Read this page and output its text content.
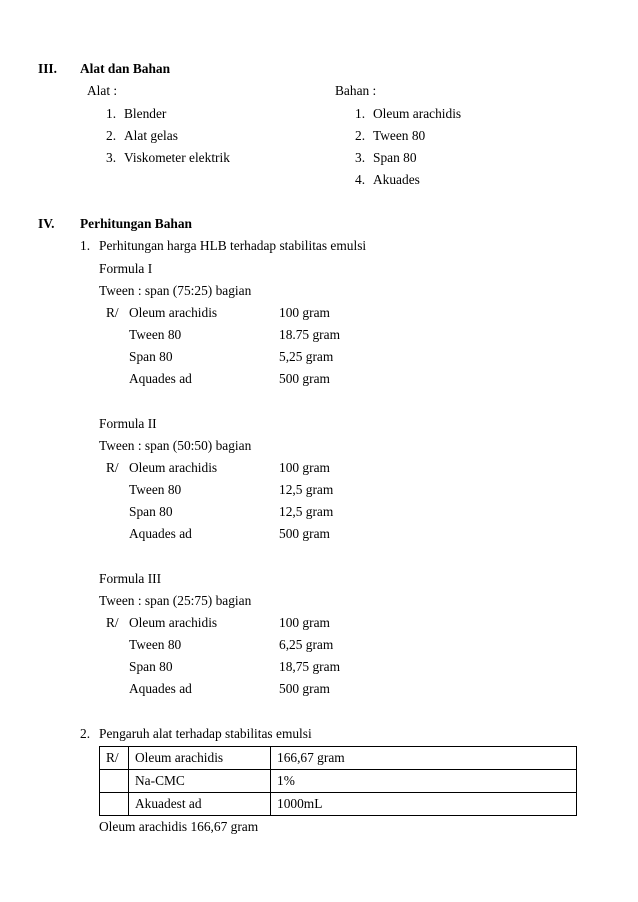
III. Alat dan Bahan
Alat :	Bahan :
1. Blender
2. Alat gelas
3. Viskometer elektrik
1. Oleum arachidis
2. Tween 80
3. Span 80
4. Akuades
IV. Perhitungan Bahan
1. Perhitungan harga HLB terhadap stabilitas emulsi
Formula I
Tween : span (75:25) bagian
R/ Oleum arachidis	100 gram
Tween 80	18.75 gram
Span 80	5,25 gram
Aquades ad	500 gram
Formula II
Tween : span (50:50) bagian
R/ Oleum arachidis	100 gram
Tween 80	12,5 gram
Span 80	12,5 gram
Aquades ad	500 gram
Formula III
Tween : span (25:75) bagian
R/ Oleum arachidis	100 gram
Tween 80	6,25 gram
Span 80	18,75 gram
Aquades ad	500 gram
2. Pengaruh alat terhadap stabilitas emulsi
R/	Oleum arachidis	166,67 gram
	Na-CMC	1%
	Akuadest ad	1000mL
Oleum arachidis 166,67 gram
